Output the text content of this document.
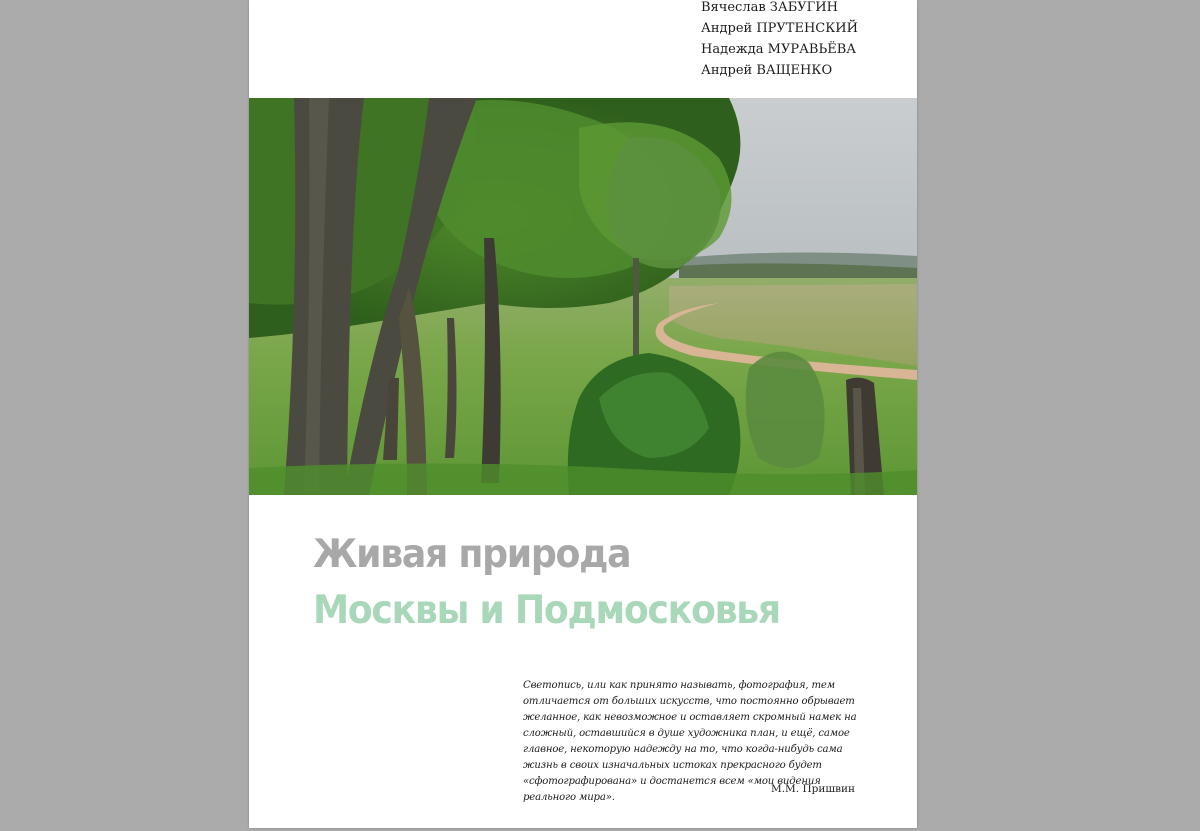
Вячеслав ЗАБУГИН
Андрей ПРУТЕНСКИЙ
Надежда МУРАВЬЁВА
Андрей ВАЩЕНКО
Живая природа
Москвы и Подмосковья

Светопись, или как принято называть, фотография, тем отличается от больших искусств, что постоянно обрывает желанное, как невозможное и оставляет скромный намек на сложный, оставшийся в душе художника план, и ещё, самое главное, некоторую надежду на то, что когда-нибудь сама жизнь в своих изначальных истоках прекрасного будет «сфотографирована» и достанется всем «мои видения реального мира».

М.М. Пришвин
